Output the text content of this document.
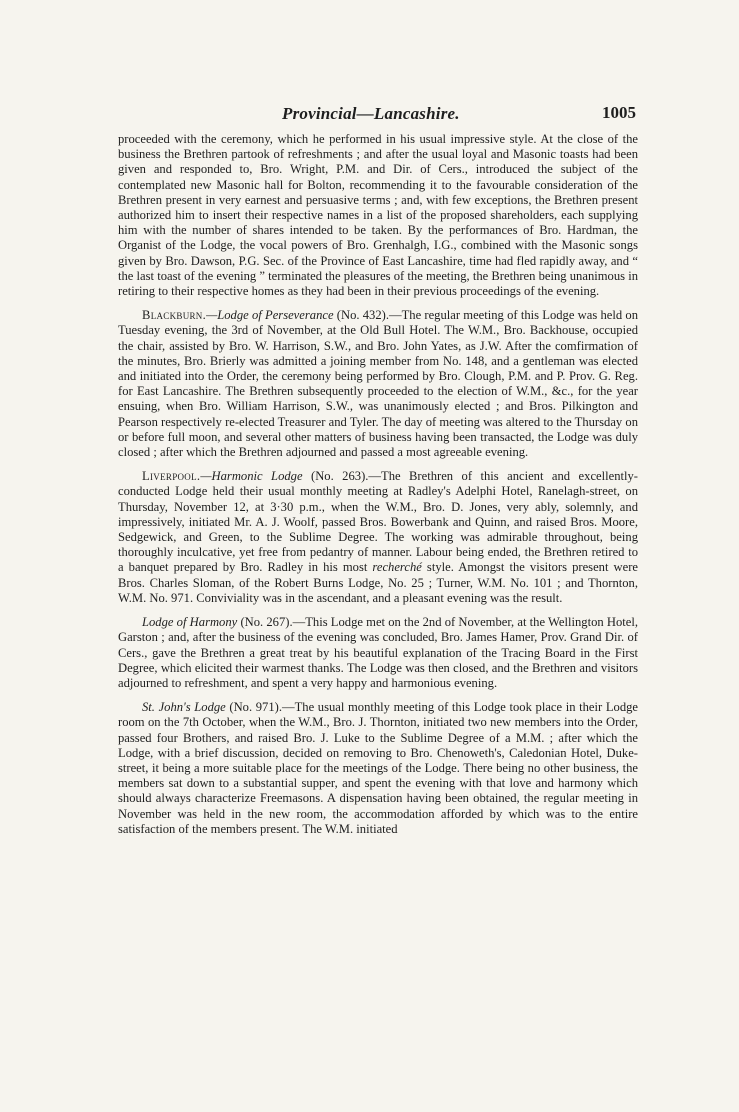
Provincial—Lancashire.	1005

proceeded with the ceremony, which he performed in his usual impressive style. At the close of the business the Brethren partook of refreshments ; and after the usual loyal and Masonic toasts had been given and responded to, Bro. Wright, P.M. and Dir. of Cers., introduced the subject of the contemplated new Masonic hall for Bolton, recommending it to the favourable consideration of the Brethren present in very earnest and persuasive terms ; and, with few exceptions, the Brethren present authorized him to insert their respective names in a list of the proposed shareholders, each supplying him with the number of shares intended to be taken. By the performances of Bro. Hardman, the Organist of the Lodge, the vocal powers of Bro. Grenhalgh, I.G., combined with the Masonic songs given by Bro. Dawson, P.G. Sec. of the Province of East Lancashire, time had fled rapidly away, and “ the last toast of the evening ” terminated the pleasures of the meeting, the Brethren being unanimous in retiring to their respective homes as they had been in their previous proceedings of the evening.

Blackburn.—Lodge of Perseverance (No. 432).—The regular meeting of this Lodge was held on Tuesday evening, the 3rd of November, at the Old Bull Hotel. The W.M., Bro. Backhouse, occupied the chair, assisted by Bro. W. Harrison, S.W., and Bro. John Yates, as J.W. After the comfirmation of the minutes, Bro. Brierly was admitted a joining member from No. 148, and a gentleman was elected and initiated into the Order, the ceremony being performed by Bro. Clough, P.M. and P. Prov. G. Reg. for East Lancashire. The Brethren subsequently proceeded to the election of W.M., &c., for the year ensuing, when Bro. William Harrison, S.W., was unanimously elected ; and Bros. Pilkington and Pearson respectively re-elected Treasurer and Tyler. The day of meeting was altered to the Thursday on or before full moon, and several other matters of business having been transacted, the Lodge was duly closed ; after which the Brethren adjourned and passed a most agreeable evening.

Liverpool.—Harmonic Lodge (No. 263).—The Brethren of this ancient and excellently-conducted Lodge held their usual monthly meeting at Radley's Adelphi Hotel, Ranelagh-street, on Thursday, November 12, at 3·30 p.m., when the W.M., Bro. D. Jones, very ably, solemnly, and impressively, initiated Mr. A. J. Woolf, passed Bros. Bowerbank and Quinn, and raised Bros. Moore, Sedgewick, and Green, to the Sublime Degree. The working was admirable throughout, being thoroughly inculcative, yet free from pedantry of manner. Labour being ended, the Brethren retired to a banquet prepared by Bro. Radley in his most recherché style. Amongst the visitors present were Bros. Charles Sloman, of the Robert Burns Lodge, No. 25 ; Turner, W.M. No. 101 ; and Thornton, W.M. No. 971. Conviviality was in the ascendant, and a pleasant evening was the result.

Lodge of Harmony (No. 267).—This Lodge met on the 2nd of November, at the Wellington Hotel, Garston ; and, after the business of the evening was concluded, Bro. James Hamer, Prov. Grand Dir. of Cers., gave the Brethren a great treat by his beautiful explanation of the Tracing Board in the First Degree, which elicited their warmest thanks. The Lodge was then closed, and the Brethren and visitors adjourned to refreshment, and spent a very happy and harmonious evening.

St. John's Lodge (No. 971).—The usual monthly meeting of this Lodge took place in their Lodge room on the 7th October, when the W.M., Bro. J. Thornton, initiated two new members into the Order, passed four Brothers, and raised Bro. J. Luke to the Sublime Degree of a M.M. ; after which the Lodge, with a brief discussion, decided on removing to Bro. Chenoweth's, Caledonian Hotel, Duke-street, it being a more suitable place for the meetings of the Lodge. There being no other business, the members sat down to a substantial supper, and spent the evening with that love and harmony which should always characterize Freemasons. A dispensation having been obtained, the regular meeting in November was held in the new room, the accommodation afforded by which was to the entire satisfaction of the members present. The W.M. initiated
